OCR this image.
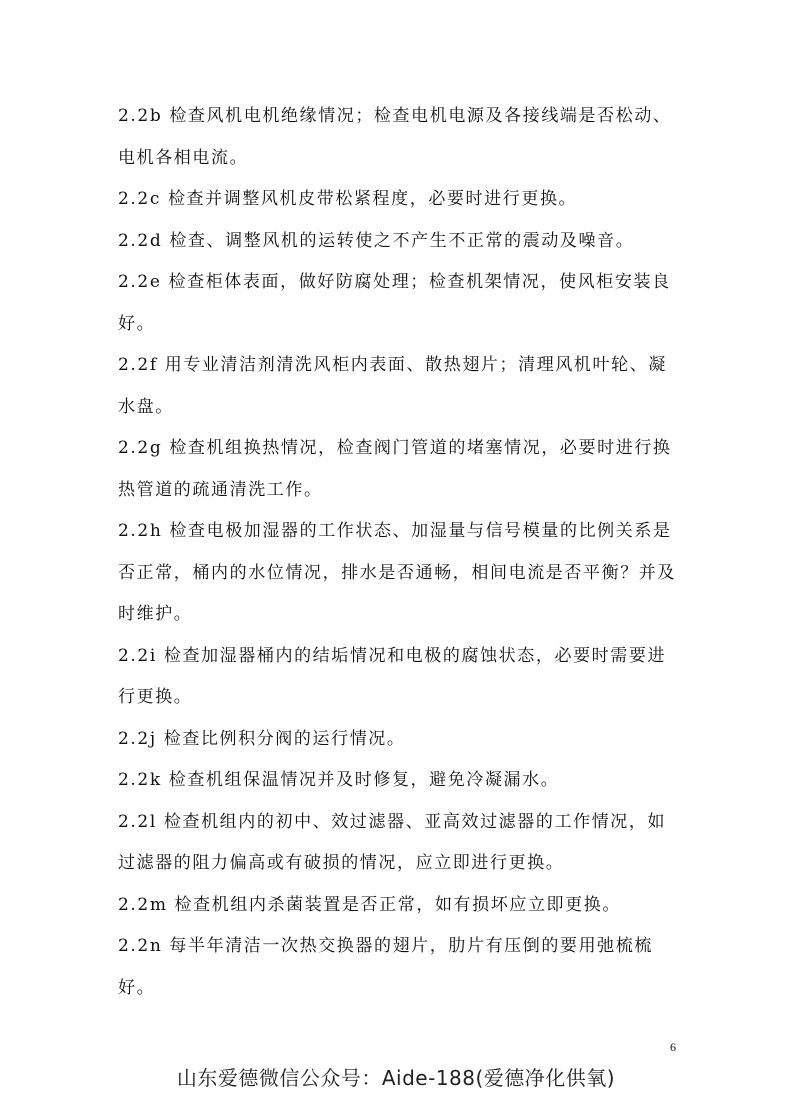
2.2b 检查风机电机绝缘情况；检查电机电源及各接线端是否松动、电机各相电流。

2.2c 检查并调整风机皮带松紧程度，必要时进行更换。

2.2d 检查、调整风机的运转使之不产生不正常的震动及噪音。

2.2e 检查柜体表面，做好防腐处理；检查机架情况，使风柜安装良好。

2.2f 用专业清洁剂清洗风柜内表面、散热翅片；清理风机叶轮、凝水盘。

2.2g 检查机组换热情况，检查阀门管道的堵塞情况，必要时进行换热管道的疏通清洗工作。

2.2h 检查电极加湿器的工作状态、加湿量与信号模量的比例关系是否正常，桶内的水位情况，排水是否通畅，相间电流是否平衡？并及时维护。

2.2i 检查加湿器桶内的结垢情况和电极的腐蚀状态，必要时需要进行更换。

2.2j 检查比例积分阀的运行情况。

2.2k 检查机组保温情况并及时修复，避免冷凝漏水。

2.2l 检查机组内的初中、效过滤器、亚高效过滤器的工作情况，如过滤器的阻力偏高或有破损的情况，应立即进行更换。

2.2m 检查机组内杀菌装置是否正常，如有损坏应立即更换。

2.2n 每半年清洁一次热交换器的翅片，肋片有压倒的要用弛梳梳好。

6
山东爱德微信公众号：Aide-188(爱德净化供氧)
